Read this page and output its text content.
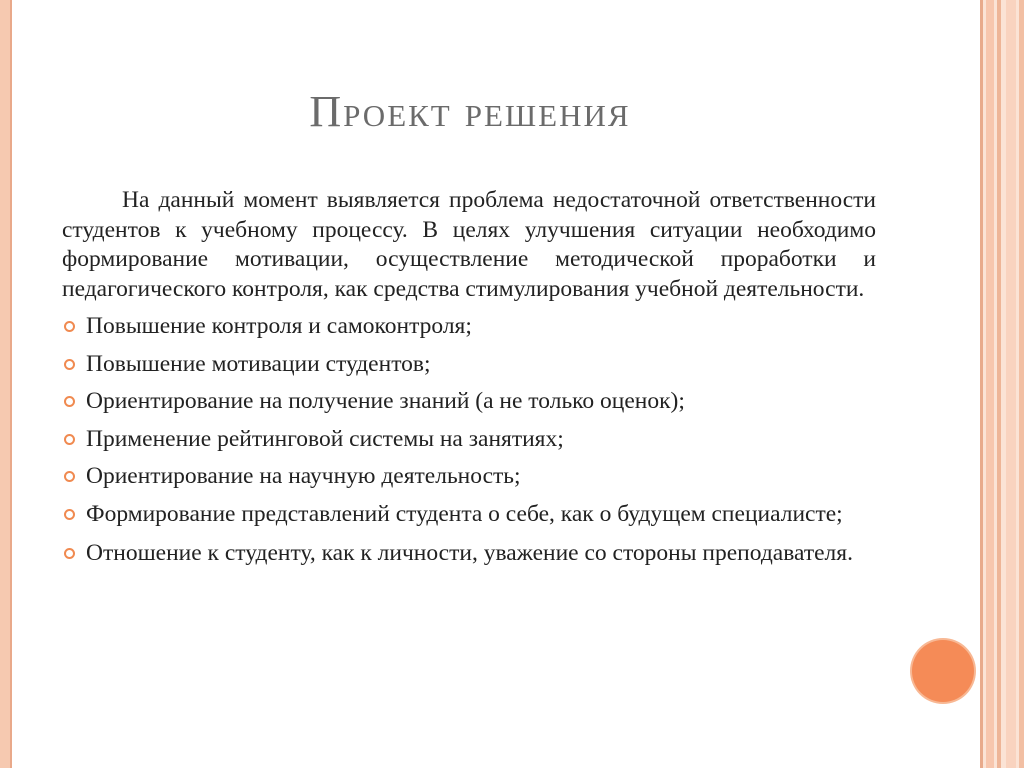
Проект решения

На данный момент выявляется проблема недостаточной ответственности студентов к учебному процессу. В целях улучшения ситуации необходимо формирование мотивации, осуществление методической проработки и педагогического контроля, как средства стимулирования учебной деятельности.

Повышение контроля и самоконтроля;
Повышение мотивации студентов;
Ориентирование на получение знаний (а не только оценок);
Применение рейтинговой системы на занятиях;
Ориентирование на научную деятельность;
Формирование представлений студента о себе, как о будущем специалисте;
Отношение к студенту, как к личности, уважение со стороны преподавателя.
